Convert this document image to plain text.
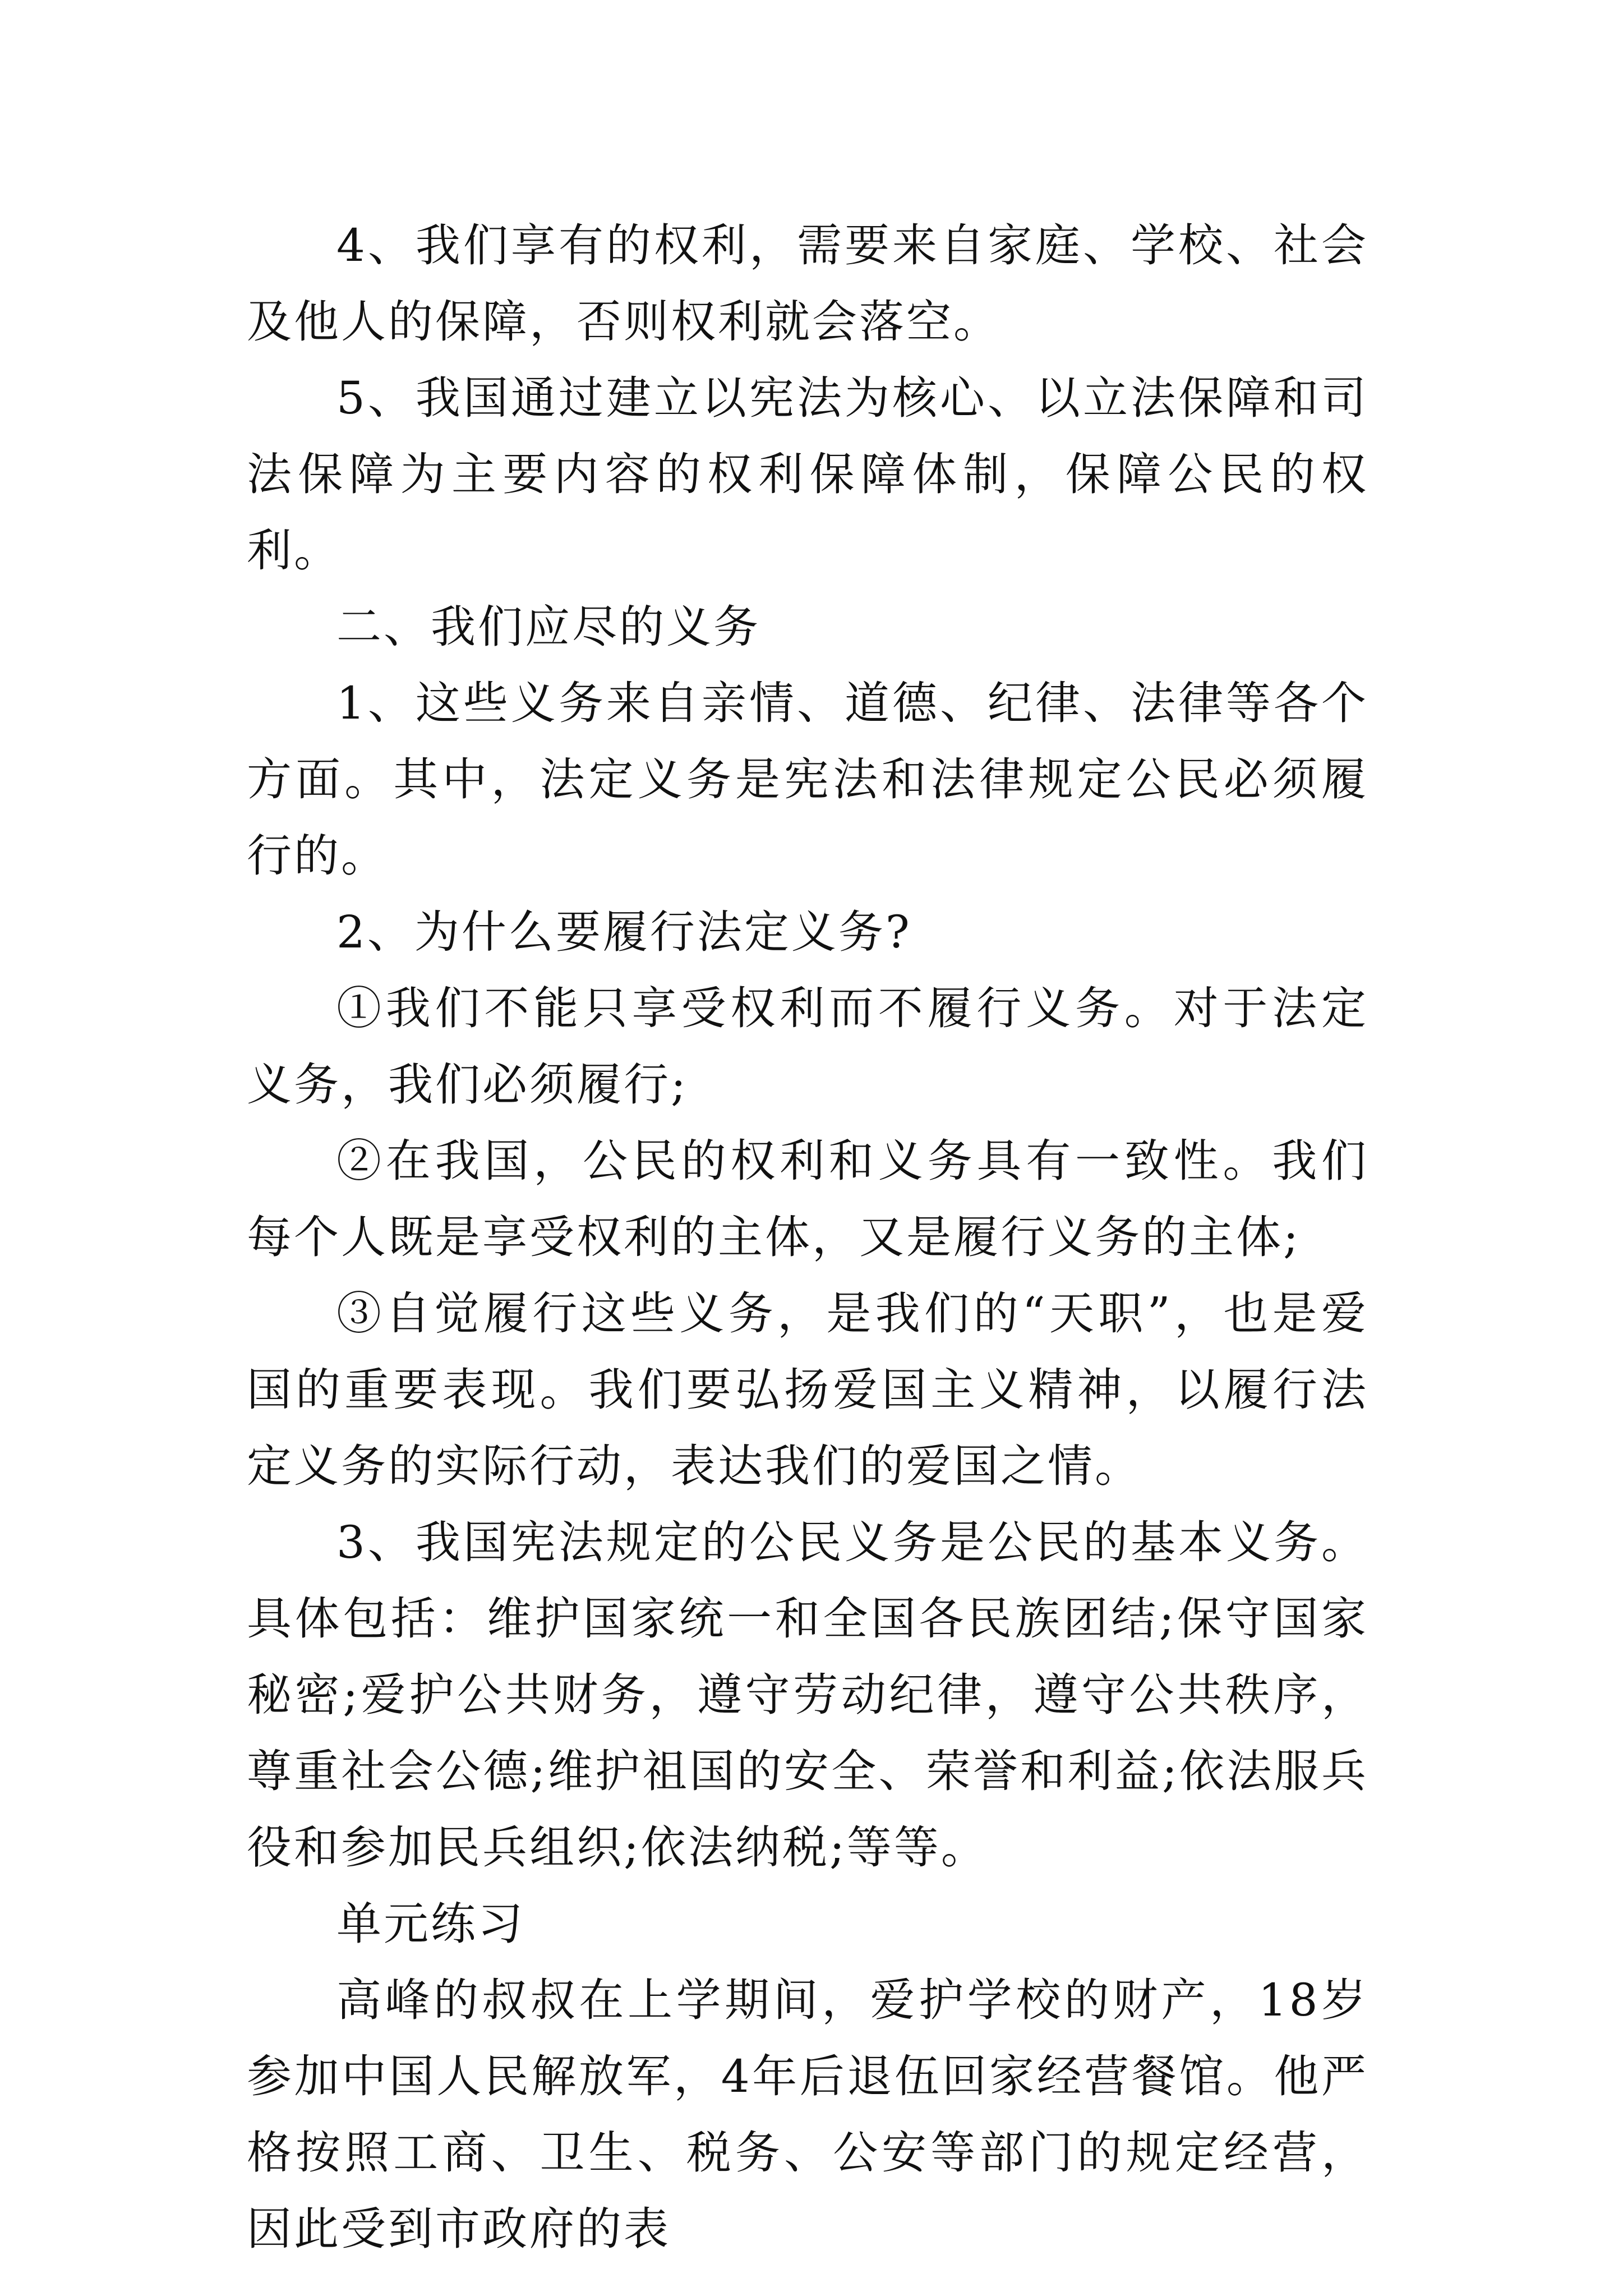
4、我们享有的权利，需要来自家庭、学校、社会及他人的保障，否则权利就会落空。

5、我国通过建立以宪法为核心、以立法保障和司法保障为主要内容的权利保障体制，保障公民的权利。

二、我们应尽的义务

1、这些义务来自亲情、道德、纪律、法律等各个方面。其中，法定义务是宪法和法律规定公民必须履行的。

2、为什么要履行法定义务?

①我们不能只享受权利而不履行义务。对于法定义务，我们必须履行;

②在我国，公民的权利和义务具有一致性。我们每个人既是享受权利的主体，又是履行义务的主体;

③自觉履行这些义务，是我们的“天职”，也是爱国的重要表现。我们要弘扬爱国主义精神，以履行法定义务的实际行动，表达我们的爱国之情。

3、我国宪法规定的公民义务是公民的基本义务。具体包括：维护国家统一和全国各民族团结;保守国家秘密;爱护公共财务，遵守劳动纪律，遵守公共秩序，尊重社会公德;维护祖国的安全、荣誉和利益;依法服兵役和参加民兵组织;依法纳税;等等。

单元练习

高峰的叔叔在上学期间，爱护学校的财产，18岁参加中国人民解放军，4年后退伍回家经营餐馆。他严格按照工商、卫生、税务、公安等部门的规定经营，因此受到市政府的表
